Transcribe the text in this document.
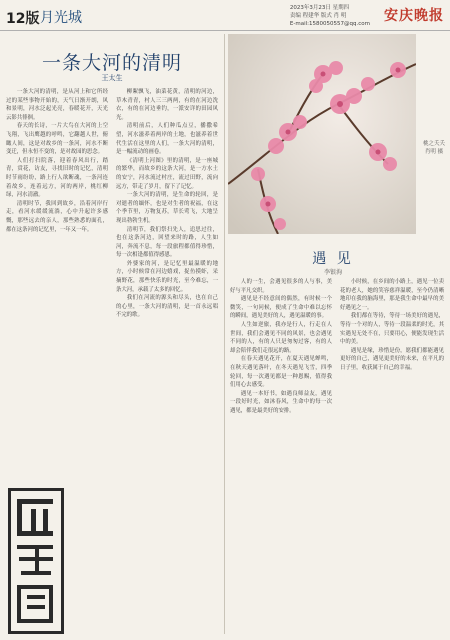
12版 月光城
2023年3月23日 星期四
责编 程建华 版式 肖 明
E-mail:1580050557@qq.com 安庆晚报
一条大河的清明
王太生

一条大河的清明，是从河上和它所经过的某些事物开始的，天气日渐开朗，风和景明，河水泛起光亮，春暖花开，天光云影共徘徊。

春天的长诗，一片大鸟在大河的上空飞翔，飞出鹰越的呼鸣，它翻越人世，俯瞰人间，这是对故乡的一条河，河水不断变迁，但永恒不变的，是对故园的思念。

人们打扫院落，迎着春风出行，踏青，赏花，访友，寻找旧时的记忆，清明时节雨纷纷，路上行人欲断魂，一条河连着故乡，连着远方，河的两岸，桃红柳绿，河水清澈。

清明时节，我回到故乡，沿着河岸行走，看河水缓缓流淌，心中升起许多感慨，那些远去的亲人，那些熟悉的面孔，都在这条河的记忆里，一年又一年。

柳絮飘飞，油菜花黄，清明的河边，草木青青，村人三三两两，有的在河边洗衣，有的在河边垂钓，一派安详的田园风光。

清明前后，人们种瓜点豆，播撒希望，河水滋养着两岸的土地，也滋养着世代生活在这里的人们，一条大河的清明，是一幅流动的画卷。

《清明上河图》里的清明，是一座城的繁华，而故乡的这条大河，是一方水土的安宁，河水流过村庄，流过田野，流向远方，带走了岁月，留下了记忆。

一条大河的清明，是生命的轮回，是对逝者的缅怀，也是对生者的祝福，在这个季节里，万物复苏，草长莺飞，大地呈现出勃勃生机。

清明节，我们祭扫先人，追思过往，也在这条河边，回望来时的路，人生如河，奔流不息，每一段旅程都值得珍惜，每一次相逢都值得感恩。

外婆家的河，是记忆里最温暖的地方，小时候常在河边嬉戏，捉鱼摸虾，采摘野花，那些快乐的时光，至今难忘，一条大河，承载了太多的回忆。

我们在河流的源头和尽头，也在自己的心里，一条大河的清明，是一首永远唱不完的歌。

桃之夭夭 肖明 摄
遇 见
李银洵

人的一生，会遇见很多的人与事，美好与平凡交织。

遇见是不经意间的偶然，有时候一个微笑，一句问候，便成了生命中难以忘怀的瞬间，遇见美好的人，遇见温暖的事。

人生如逆旅，我亦是行人，行走在人世间，我们会遇见不同的风景，也会遇见不同的人，有的人只是匆匆过客，有的人却会陪伴我们走很远的路。

在春天遇见花开，在夏天遇见蝉鸣，在秋天遇见落叶，在冬天遇见飞雪，四季轮回，每一次遇见都是一种恩赐，值得我们用心去感受。

遇见一本好书，如遇良师益友，遇见一段好时光，如沐春风，生命中的每一次遇见，都是最美好的安排。

小时候，在乡间的小路上，遇见一位卖花的老人，她的笑容慈祥温暖，至今仍清晰地印在我的脑海里，那是我生命中最早的美好遇见之一。

我们都在等待，等待一场美好的遇见，等待一个对的人，等待一段温柔的时光，其实遇见无处不在，只要用心，便能发现生活中的美。

遇见是缘，珍惜是份，愿我们都能遇见更好的自己，遇见更美好的未来，在平凡的日子里，收获属于自己的幸福。
